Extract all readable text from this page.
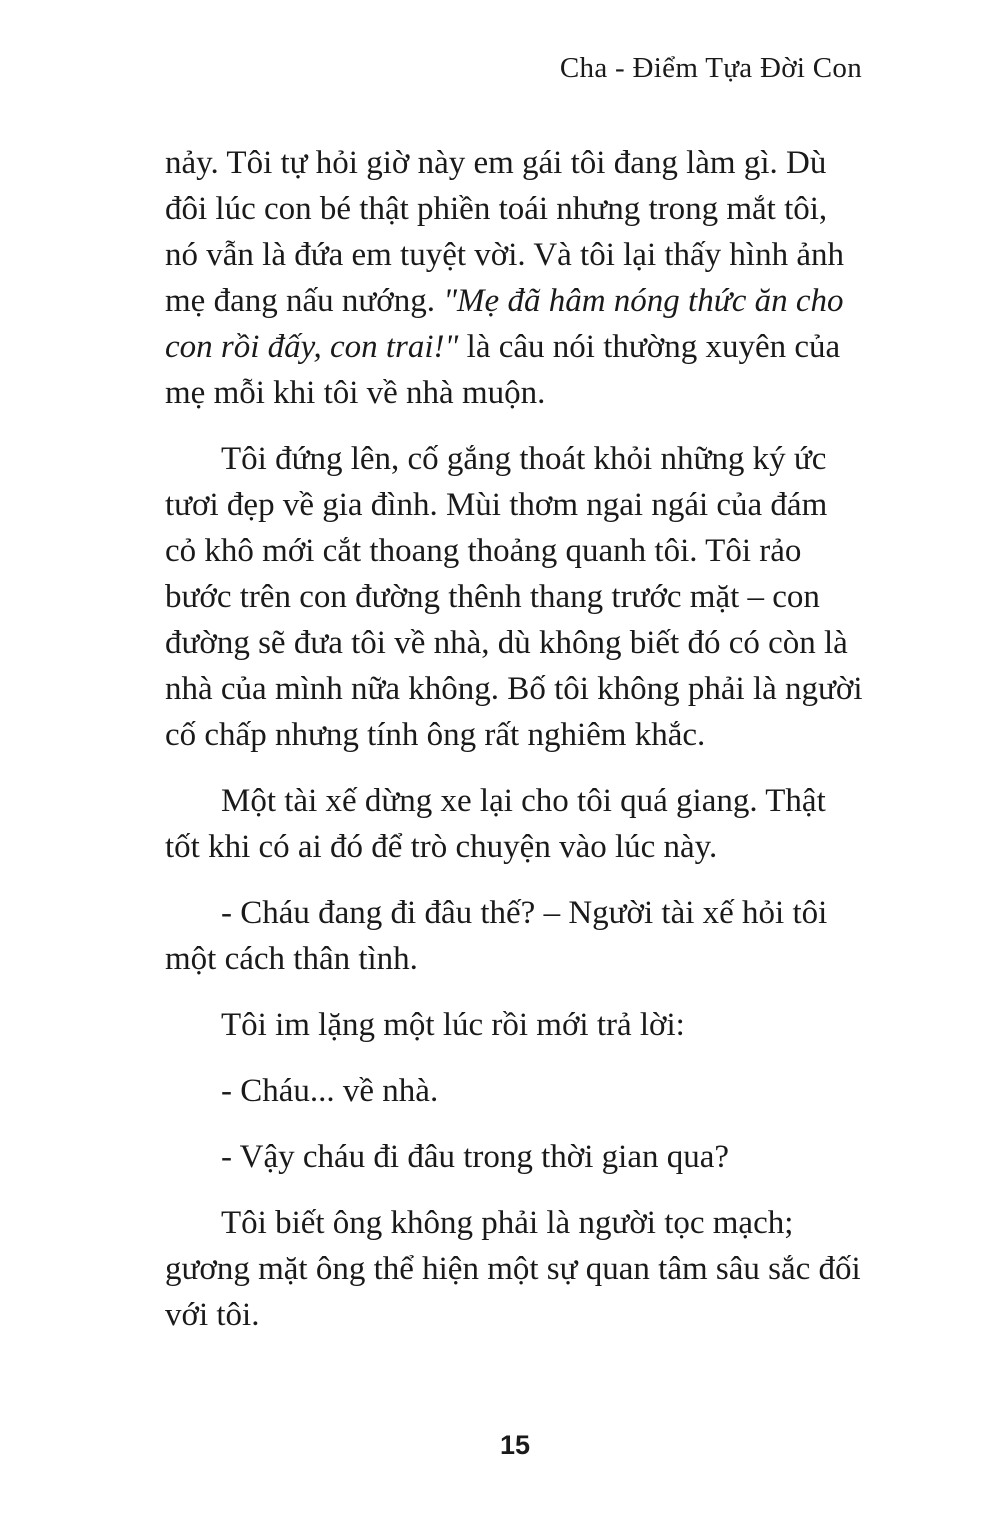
Cha - Điểm Tựa Đời Con

nảy. Tôi tự hỏi giờ này em gái tôi đang làm gì. Dù đôi lúc con bé thật phiền toái nhưng trong mắt tôi, nó vẫn là đứa em tuyệt vời. Và tôi lại thấy hình ảnh mẹ đang nấu nướng. "Mẹ đã hâm nóng thức ăn cho con rồi đấy, con trai!" là câu nói thường xuyên của mẹ mỗi khi tôi về nhà muộn.

Tôi đứng lên, cố gắng thoát khỏi những ký ức tươi đẹp về gia đình. Mùi thơm ngai ngái của đám cỏ khô mới cắt thoang thoảng quanh tôi. Tôi rảo bước trên con đường thênh thang trước mặt – con đường sẽ đưa tôi về nhà, dù không biết đó có còn là nhà của mình nữa không. Bố tôi không phải là người cố chấp nhưng tính ông rất nghiêm khắc.

Một tài xế dừng xe lại cho tôi quá giang. Thật tốt khi có ai đó để trò chuyện vào lúc này.

- Cháu đang đi đâu thế? – Người tài xế hỏi tôi một cách thân tình.

Tôi im lặng một lúc rồi mới trả lời:

- Cháu... về nhà.

- Vậy cháu đi đâu trong thời gian qua?

Tôi biết ông không phải là người tọc mạch; gương mặt ông thể hiện một sự quan tâm sâu sắc đối với tôi.

15
